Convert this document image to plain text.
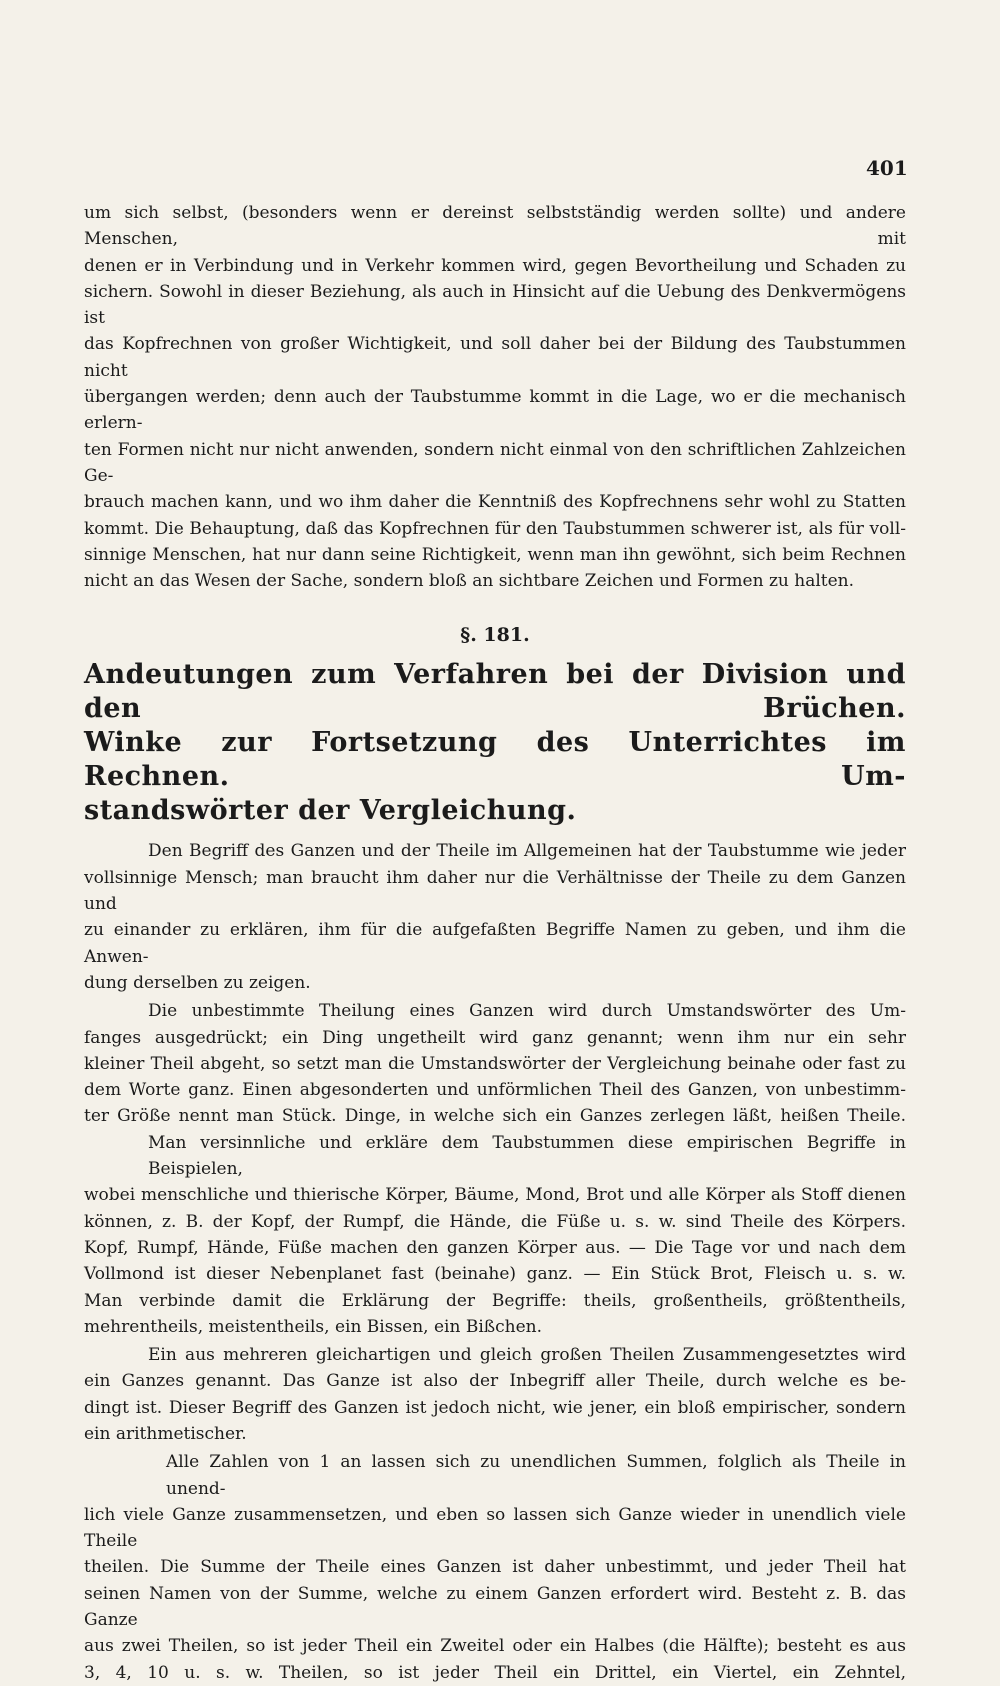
401

um sich selbst, (besonders wenn er dereinst selbstständig werden sollte) und andere Menschen, mit
denen er in Verbindung und in Verkehr kommen wird, gegen Bevortheilung und Schaden zu
sichern. Sowohl in dieser Beziehung, als auch in Hinsicht auf die Uebung des Denkvermögens ist
das Kopfrechnen von großer Wichtigkeit, und soll daher bei der Bildung des Taubstummen nicht
übergangen werden; denn auch der Taubstumme kommt in die Lage, wo er die mechanisch erlern-
ten Formen nicht nur nicht anwenden, sondern nicht einmal von den schriftlichen Zahlzeichen Ge-
brauch machen kann, und wo ihm daher die Kenntniß des Kopfrechnens sehr wohl zu Statten
kommt. Die Behauptung, daß das Kopfrechnen für den Taubstummen schwerer ist, als für voll-
sinnige Menschen, hat nur dann seine Richtigkeit, wenn man ihn gewöhnt, sich beim Rechnen
nicht an das Wesen der Sache, sondern bloß an sichtbare Zeichen und Formen zu halten.

§. 181.
Andeutungen zum Verfahren bei der Division und den Brüchen.
Winke zur Fortsetzung des Unterrichtes im Rechnen. Um-
standswörter der Vergleichung.

Den Begriff des Ganzen und der Theile im Allgemeinen hat der Taubstumme wie jeder
vollsinnige Mensch; man braucht ihm daher nur die Verhältnisse der Theile zu dem Ganzen und
zu einander zu erklären, ihm für die aufgefaßten Begriffe Namen zu geben, und ihm die Anwen-
dung derselben zu zeigen.

Die unbestimmte Theilung eines Ganzen wird durch Umstandswörter des Um-
fanges ausgedrückt; ein Ding ungetheilt wird ganz genannt; wenn ihm nur ein sehr
kleiner Theil abgeht, so setzt man die Umstandswörter der Vergleichung beinahe oder fast zu
dem Worte ganz. Einen abgesonderten und unförmlichen Theil des Ganzen, von unbestimm-
ter Größe nennt man Stück. Dinge, in welche sich ein Ganzes zerlegen läßt, heißen Theile.
Man versinnliche und erkläre dem Taubstummen diese empirischen Begriffe in Beispielen,
wobei menschliche und thierische Körper, Bäume, Mond, Brot und alle Körper als Stoff dienen
können, z. B. der Kopf, der Rumpf, die Hände, die Füße u. s. w. sind Theile des Körpers.
Kopf, Rumpf, Hände, Füße machen den ganzen Körper aus. — Die Tage vor und nach dem
Vollmond ist dieser Nebenplanet fast (beinahe) ganz. — Ein Stück Brot, Fleisch u. s. w.
Man verbinde damit die Erklärung der Begriffe: theils, großentheils, größtentheils,
mehrentheils, meistentheils, ein Bissen, ein Bißchen.

Ein aus mehreren gleichartigen und gleich großen Theilen Zusammengesetztes wird
ein Ganzes genannt. Das Ganze ist also der Inbegriff aller Theile, durch welche es be-
dingt ist. Dieser Begriff des Ganzen ist jedoch nicht, wie jener, ein bloß empirischer, sondern
ein arithmetischer.

Alle Zahlen von 1 an lassen sich zu unendlichen Summen, folglich als Theile in unend-
lich viele Ganze zusammensetzen, und eben so lassen sich Ganze wieder in unendlich viele Theile
theilen. Die Summe der Theile eines Ganzen ist daher unbestimmt, und jeder Theil hat
seinen Namen von der Summe, welche zu einem Ganzen erfordert wird. Besteht z. B. das Ganze
aus zwei Theilen, so ist jeder Theil ein Zweitel oder ein Halbes (die Hälfte); besteht es aus
3, 4, 10 u. s. w. Theilen, so ist jeder Theil ein Drittel, ein Viertel, ein Zehntel,
